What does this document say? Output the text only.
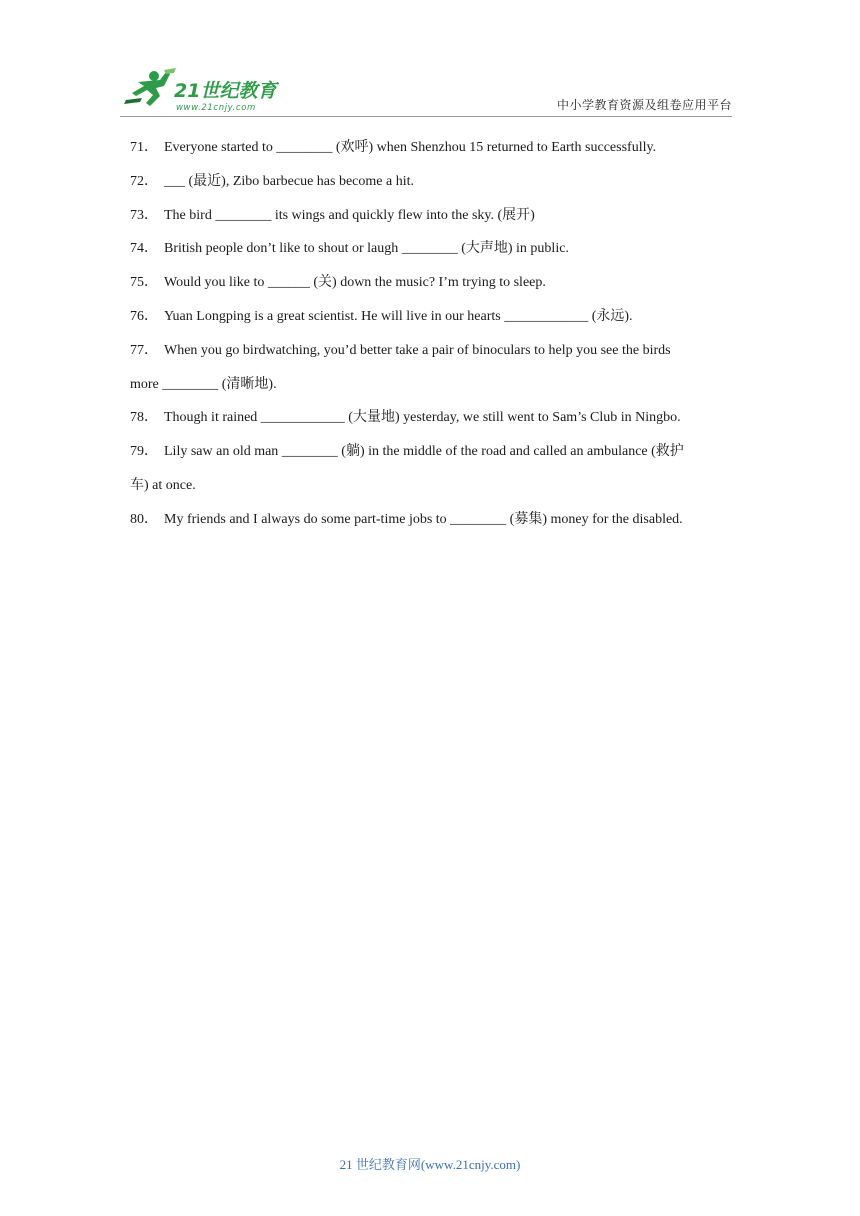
21世纪教育
www.21cnjy.com	中小学教育资源及组卷应用平台
71． Everyone started to ________ (欢呼) when Shenzhou 15 returned to Earth successfully.
72． ___ (最近), Zibo barbecue has become a hit.
73． The bird ________ its wings and quickly flew into the sky. (展开)
74． British people don’t like to shout or laugh ________ (大声地) in public.
75． Would you like to ______ (关) down the music? I’m trying to sleep.
76． Yuan Longping is a great scientist. He will live in our hearts ____________ (永远).
77． When you go birdwatching, you’d better take a pair of binoculars to help you see the birds
more ________ (清晰地).
78． Though it rained ____________ (大量地) yesterday, we still went to Sam’s Club in Ningbo.
79． Lily saw an old man ________ (躺) in the middle of the road and called an ambulance (救护
车) at once.
80． My friends and I always do some part-time jobs to ________ (募集) money for the disabled.
21 世纪教育网(www.21cnjy.com)
